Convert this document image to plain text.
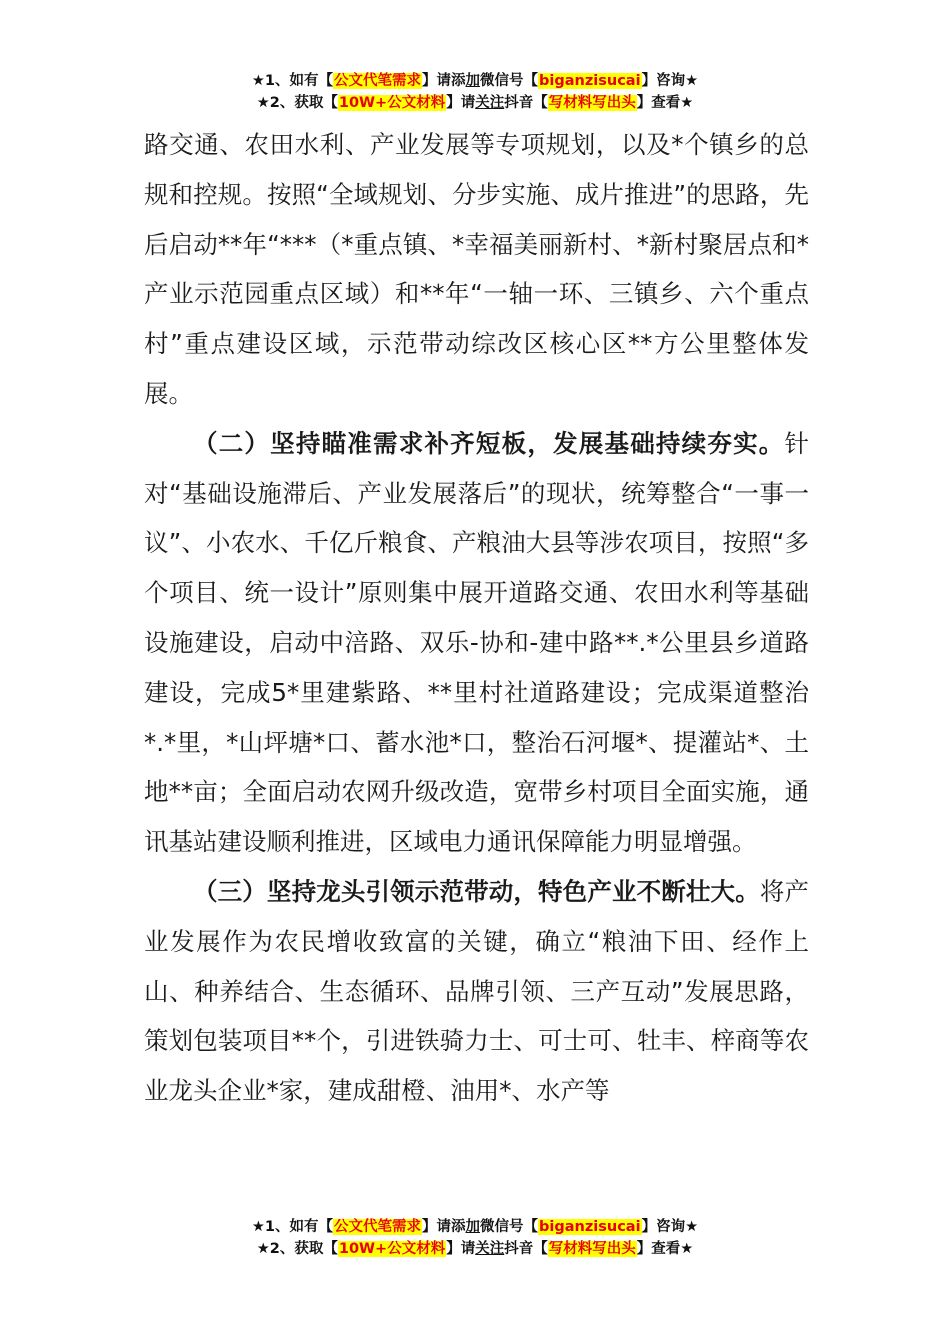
★1、如有【公文代笔需求】请添加微信号【biganzisucai】咨询★
★2、获取【10W+公文材料】请关注抖音【写材料写出头】查看★

路交通、农田水利、产业发展等专项规划，以及*个镇乡的总规和控规。按照“全域规划、分步实施、成片推进”的思路，先后启动**年“***（*重点镇、*幸福美丽新村、*新村聚居点和*产业示范园重点区域）和**年“一轴一环、三镇乡、六个重点村”重点建设区域，示范带动综改区核心区**方公里整体发展。

（二）坚持瞄准需求补齐短板，发展基础持续夯实。针对“基础设施滞后、产业发展落后”的现状，统筹整合“一事一议”、小农水、千亿斤粮食、产粮油大县等涉农项目，按照“多个项目、统一设计”原则集中展开道路交通、农田水利等基础设施建设，启动中涪路、双乐-协和-建中路**.*公里县乡道路建设，完成5*里建紫路、**里村社道路建设；完成渠道整治*.*里，*山坪塘*口、蓄水池*口，整治石河堰*、提灌站*、土地**亩；全面启动农网升级改造，宽带乡村项目全面实施，通讯基站建设顺利推进，区域电力通讯保障能力明显增强。

（三）坚持龙头引领示范带动，特色产业不断壮大。将产业发展作为农民增收致富的关键，确立“粮油下田、经作上山、种养结合、生态循环、品牌引领、三产互动”发展思路，策划包装项目**个，引进铁骑力士、可士可、牡丰、梓商等农业龙头企业*家，建成甜橙、油用*、水产等

★1、如有【公文代笔需求】请添加微信号【biganzisucai】咨询★
★2、获取【10W+公文材料】请关注抖音【写材料写出头】查看★
